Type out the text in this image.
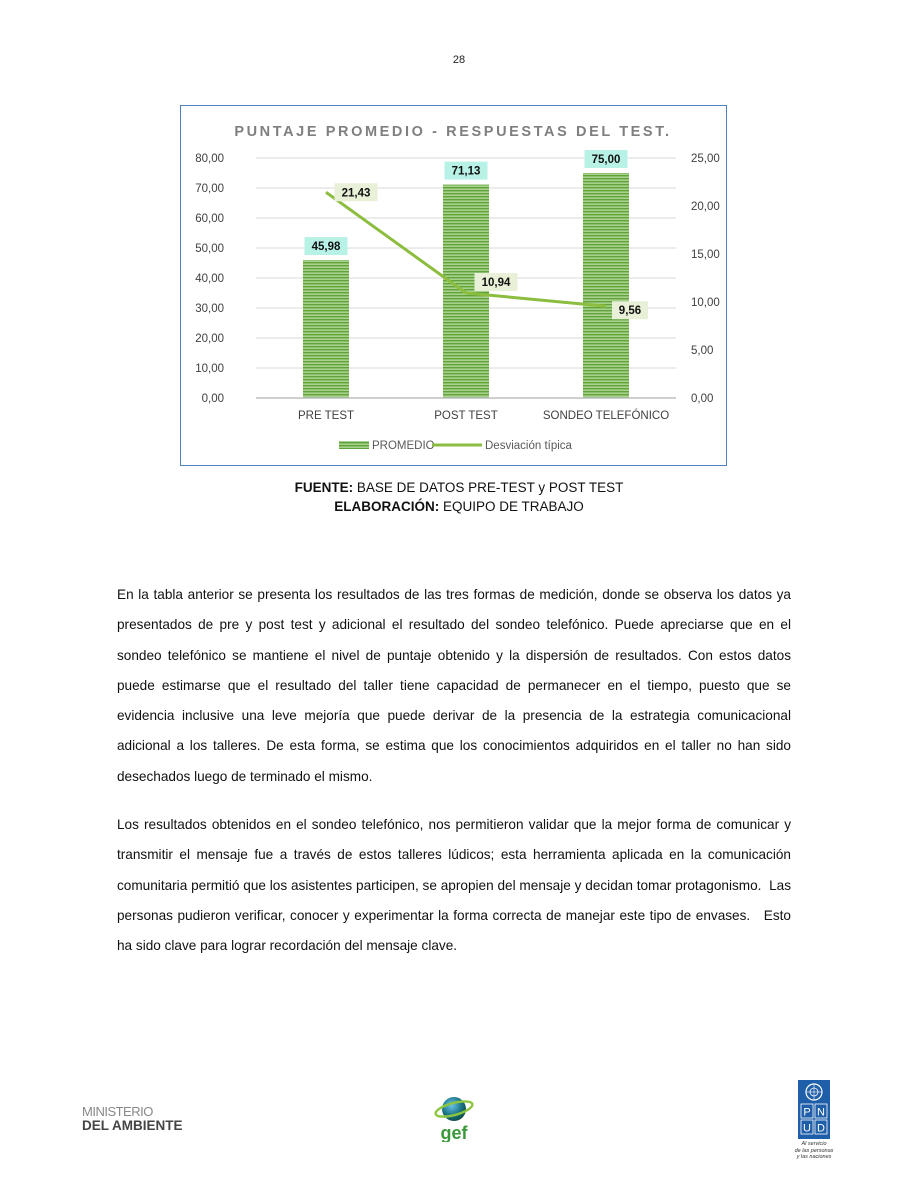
28
PUNTAJE PROMEDIO - RESPUESTAS DEL TEST.
0,00
10,00
20,00
30,00
40,00
50,00
60,00
70,00
80,00
0,00
5,00
10,00
15,00
20,00
25,00
PRE TEST	POST TEST	SONDEO TELEFÓNICO
45,98
71,13
75,00
21,43
10,94
9,56
PROMEDIO	Desviación típica
FUENTE: BASE DE DATOS PRE-TEST y POST TEST
ELABORACIÓN: EQUIPO DE TRABAJO

En la tabla anterior se presenta los resultados de las tres formas de medición, donde se observa los datos ya presentados de pre y post test y adicional el resultado del sondeo telefónico. Puede apreciarse que en el sondeo telefónico se mantiene el nivel de puntaje obtenido y la dispersión de resultados. Con estos datos puede estimarse que el resultado del taller tiene capacidad de permanecer en el tiempo, puesto que se evidencia inclusive una leve mejoría que puede derivar de la presencia de la estrategia comunicacional adicional a los talleres. De esta forma, se estima que los conocimientos adquiridos en el taller no han sido desechados luego de terminado el mismo.

Los resultados obtenidos en el sondeo telefónico, nos permitieron validar que la mejor forma de comunicar y transmitir el mensaje fue a través de estos talleres lúdicos; esta herramienta aplicada en la comunicación comunitaria permitió que los asistentes participen, se apropien del mensaje y decidan tomar protagonismo.  Las personas pudieron verificar, conocer y experimentar la forma correcta de manejar este tipo de envases.   Esto ha sido clave para lograr recordación del mensaje clave.

MINISTERIO
DEL AMBIENTE	gef
P N
U D
Al servicio
de las personas
y las naciones
